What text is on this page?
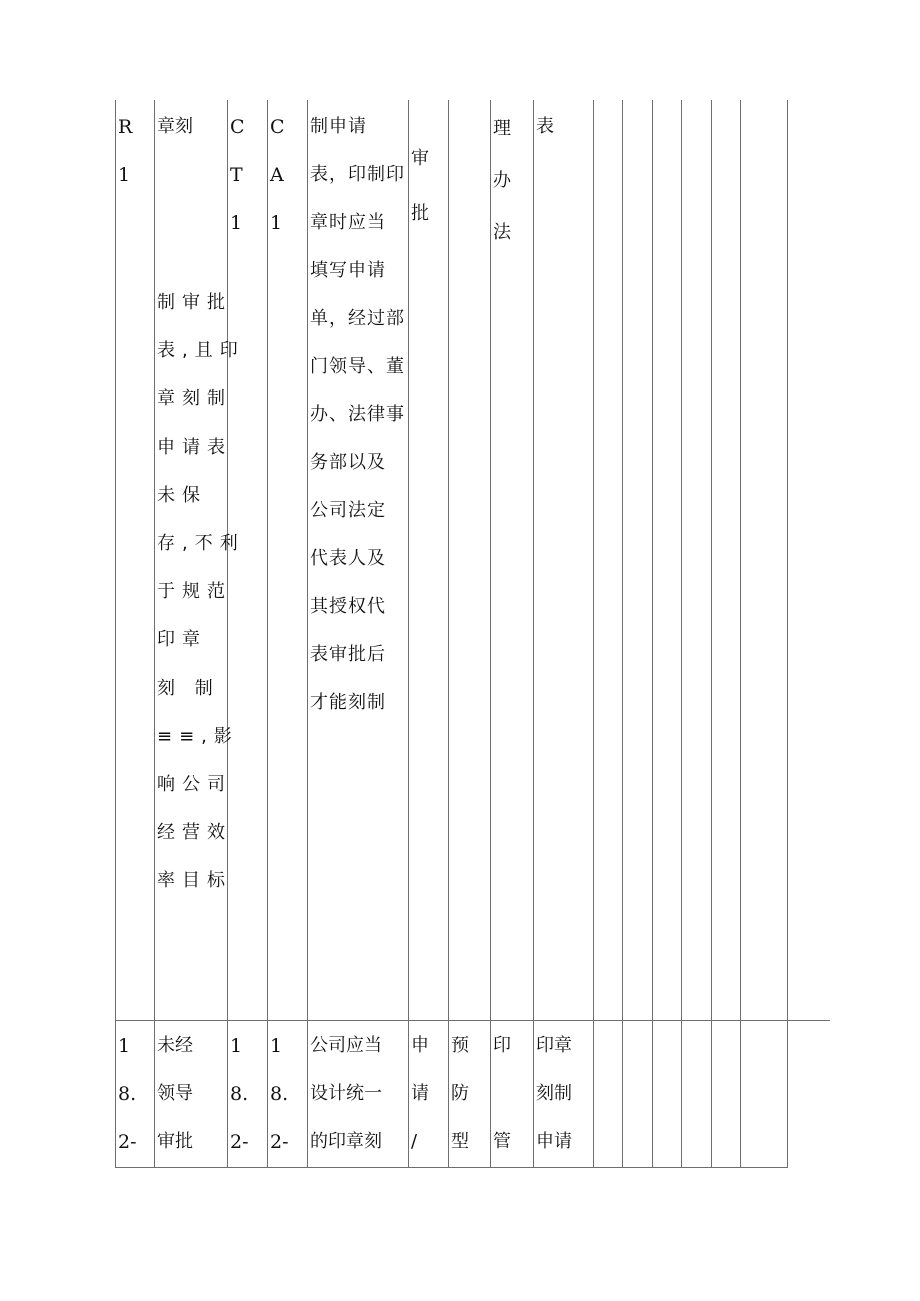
R
1
章刻
制审批
表,且印
章刻制
申请表
未保
存,不利
于规范
印章
刻 制
≡≡,影
响公司
经营效
率目标
C
T
1
C
A
1
制申请
表，印制印
章时应当
填写申请
单，经过部
门领导、董
办、法律事
务部以及
公司法定
代表人及
其授权代
表审批后
才能刻制
审
批
理
办
法
表
1
8.
2-
未经
领导
审批
1
8.
2-
1
8.
2-
公司应当
设计统一
的印章刻
申
请
/
预
防
型
印

管
印章
刻制
申请
